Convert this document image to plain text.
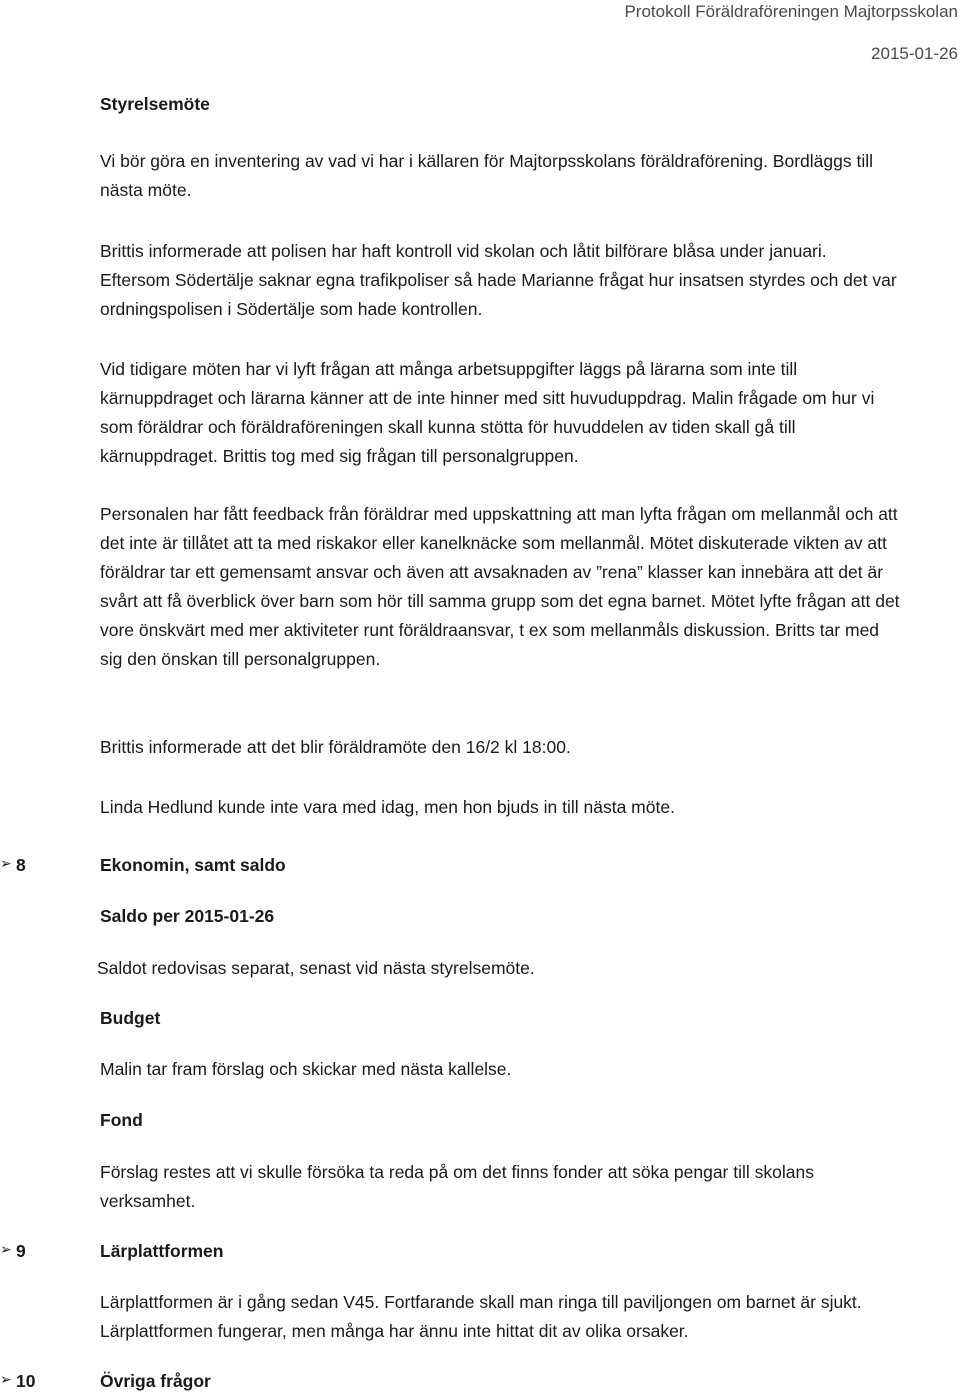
Protokoll Föräldraföreningen Majtorpsskolan
2015-01-26
Styrelsemöte

Vi bör göra en inventering av vad vi har i källaren för Majtorpsskolans föräldraförening. Bordläggs till nästa möte.

Brittis informerade att polisen har haft kontroll vid skolan och låtit bilförare blåsa under januari. Eftersom Södertälje saknar egna trafikpoliser så hade Marianne frågat hur insatsen styrdes och det var ordningspolisen i Södertälje som hade kontrollen.

Vid tidigare möten har vi lyft frågan att många arbetsuppgifter läggs på lärarna som inte till kärnuppdraget och lärarna känner att de inte hinner med sitt huvuduppdrag. Malin frågade om hur vi som föräldrar och föräldraföreningen skall kunna stötta för huvuddelen av tiden skall gå till kärnuppdraget. Brittis tog med sig frågan till personalgruppen.

Personalen har fått feedback från föräldrar med uppskattning att man lyfta frågan om mellanmål och att det inte är tillåtet att ta med riskakor eller kanelknäcke som mellanmål. Mötet diskuterade vikten av att föräldrar tar ett gemensamt ansvar och även att avsaknaden av ”rena” klasser kan innebära att det är svårt att få överblick över barn som hör till samma grupp som det egna barnet. Mötet lyfte frågan att det vore önskvärt med mer aktiviteter runt föräldraansvar, t ex som mellanmåls diskussion. Britts tar med sig den önskan till personalgruppen.

Brittis informerade att det blir föräldramöte den 16/2 kl 18:00.

Linda Hedlund kunde inte vara med idag, men hon bjuds in till nästa möte.

➢ 8	Ekonomin, samt saldo
Saldo per 2015-01-26

Saldot redovisas separat, senast vid nästa styrelsemöte.

Budget

Malin tar fram förslag och skickar med nästa kallelse.

Fond

Förslag restes att vi skulle försöka ta reda på om det finns fonder att söka pengar till skolans verksamhet.

➢ 9	Lärplattformen

Lärplattformen är i gång sedan V45. Fortfarande skall man ringa till paviljongen om barnet är sjukt. Lärplattformen fungerar, men många har ännu inte hittat dit av olika orsaker.

➢ 10	Övriga frågor
